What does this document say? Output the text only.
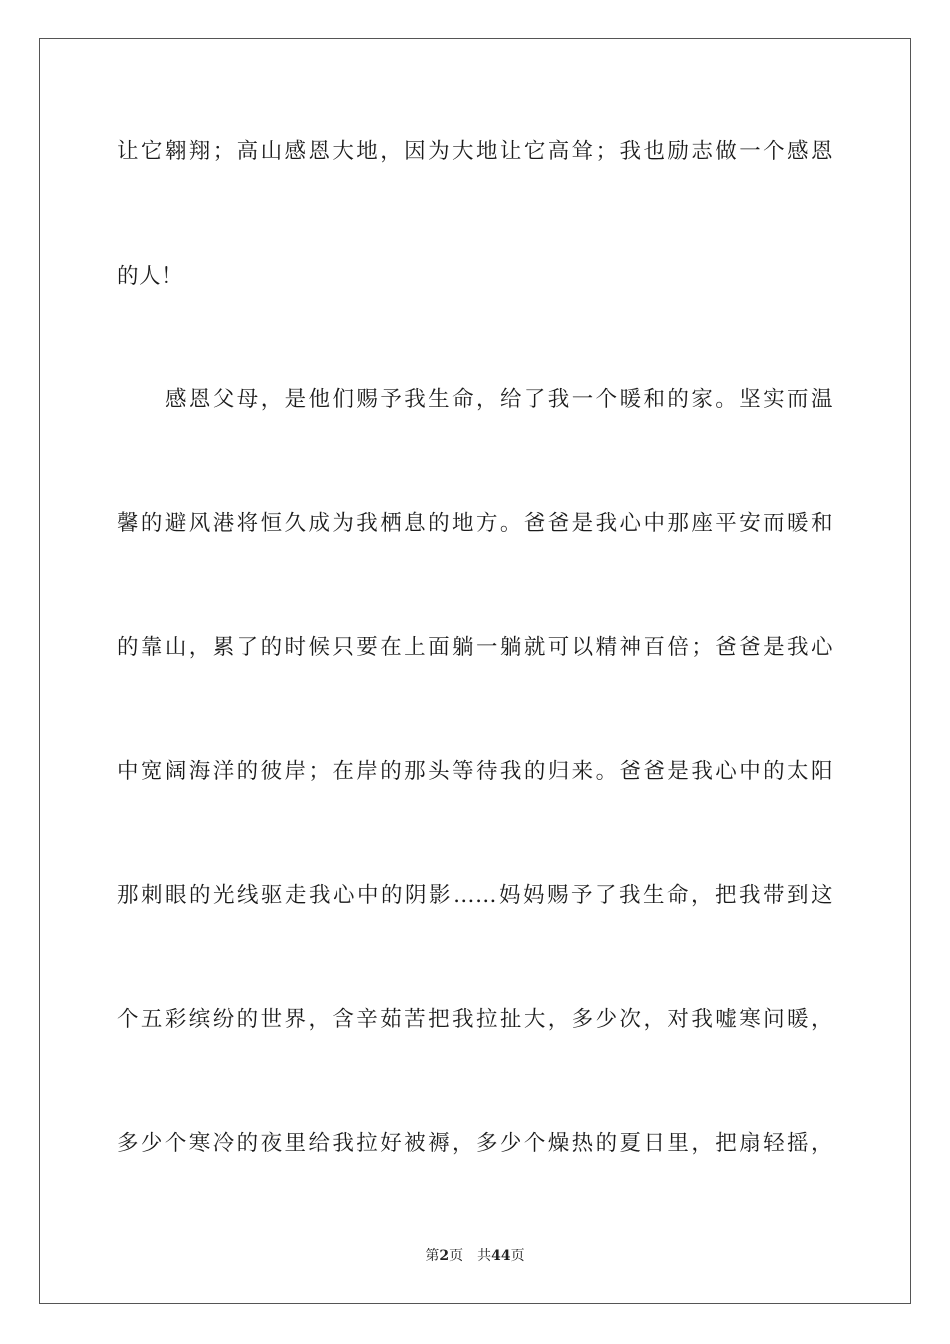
让它翱翔；高山感恩大地，因为大地让它高耸；我也励志做一个感恩
的人！
感恩父母，是他们赐予我生命，给了我一个暖和的家。坚实而温
馨的避风港将恒久成为我栖息的地方。爸爸是我心中那座平安而暖和
的靠山，累了的时候只要在上面躺一躺就可以精神百倍；爸爸是我心
中宽阔海洋的彼岸；在岸的那头等待我的归来。爸爸是我心中的太阳
那刺眼的光线驱走我心中的阴影……妈妈赐予了我生命，把我带到这
个五彩缤纷的世界，含辛茹苦把我拉扯大，多少次，对我嘘寒问暖，
多少个寒冷的夜里给我拉好被褥，多少个燥热的夏日里，把扇轻摇，
第2页 共44页
